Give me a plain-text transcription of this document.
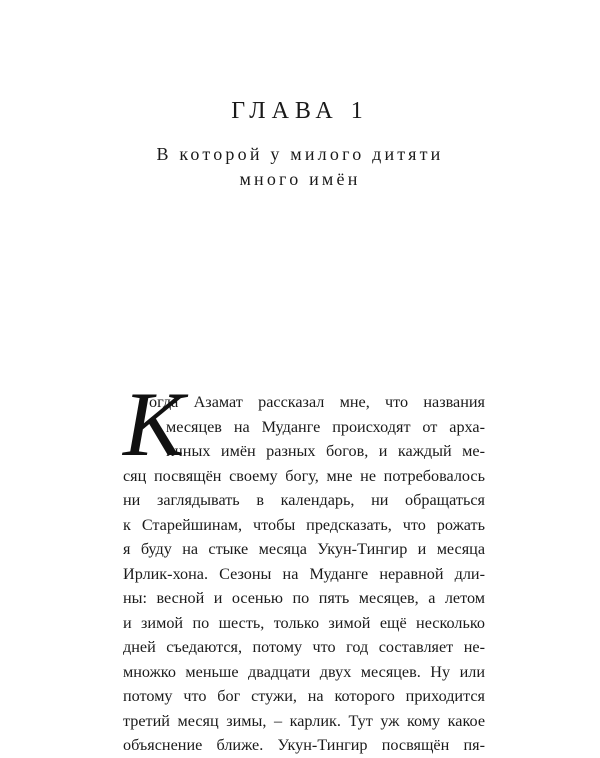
ГЛАВА 1
В которой у милого дитяти
много имён
К
огда Азамат рассказал мне, что названия
месяцев на Муданге происходят от арха-
ичных имён разных богов, и каждый ме-
сяц посвящён своему богу, мне не потребовалось
ни заглядывать в календарь, ни обращаться
к Старейшинам, чтобы предсказать, что рожать
я буду на стыке месяца Укун-Тингир и месяца
Ирлик-хона. Сезоны на Муданге неравной дли-
ны: весной и осенью по пять месяцев, а летом
и зимой по шесть, только зимой ещё несколько
дней съедаются, потому что год составляет не-
множко меньше двадцати двух месяцев. Ну или
потому что бог стужи, на которого приходится
третий месяц зимы, – карлик. Тут уж кому какое
объяснение ближе. Укун-Тингир посвящён пя-
